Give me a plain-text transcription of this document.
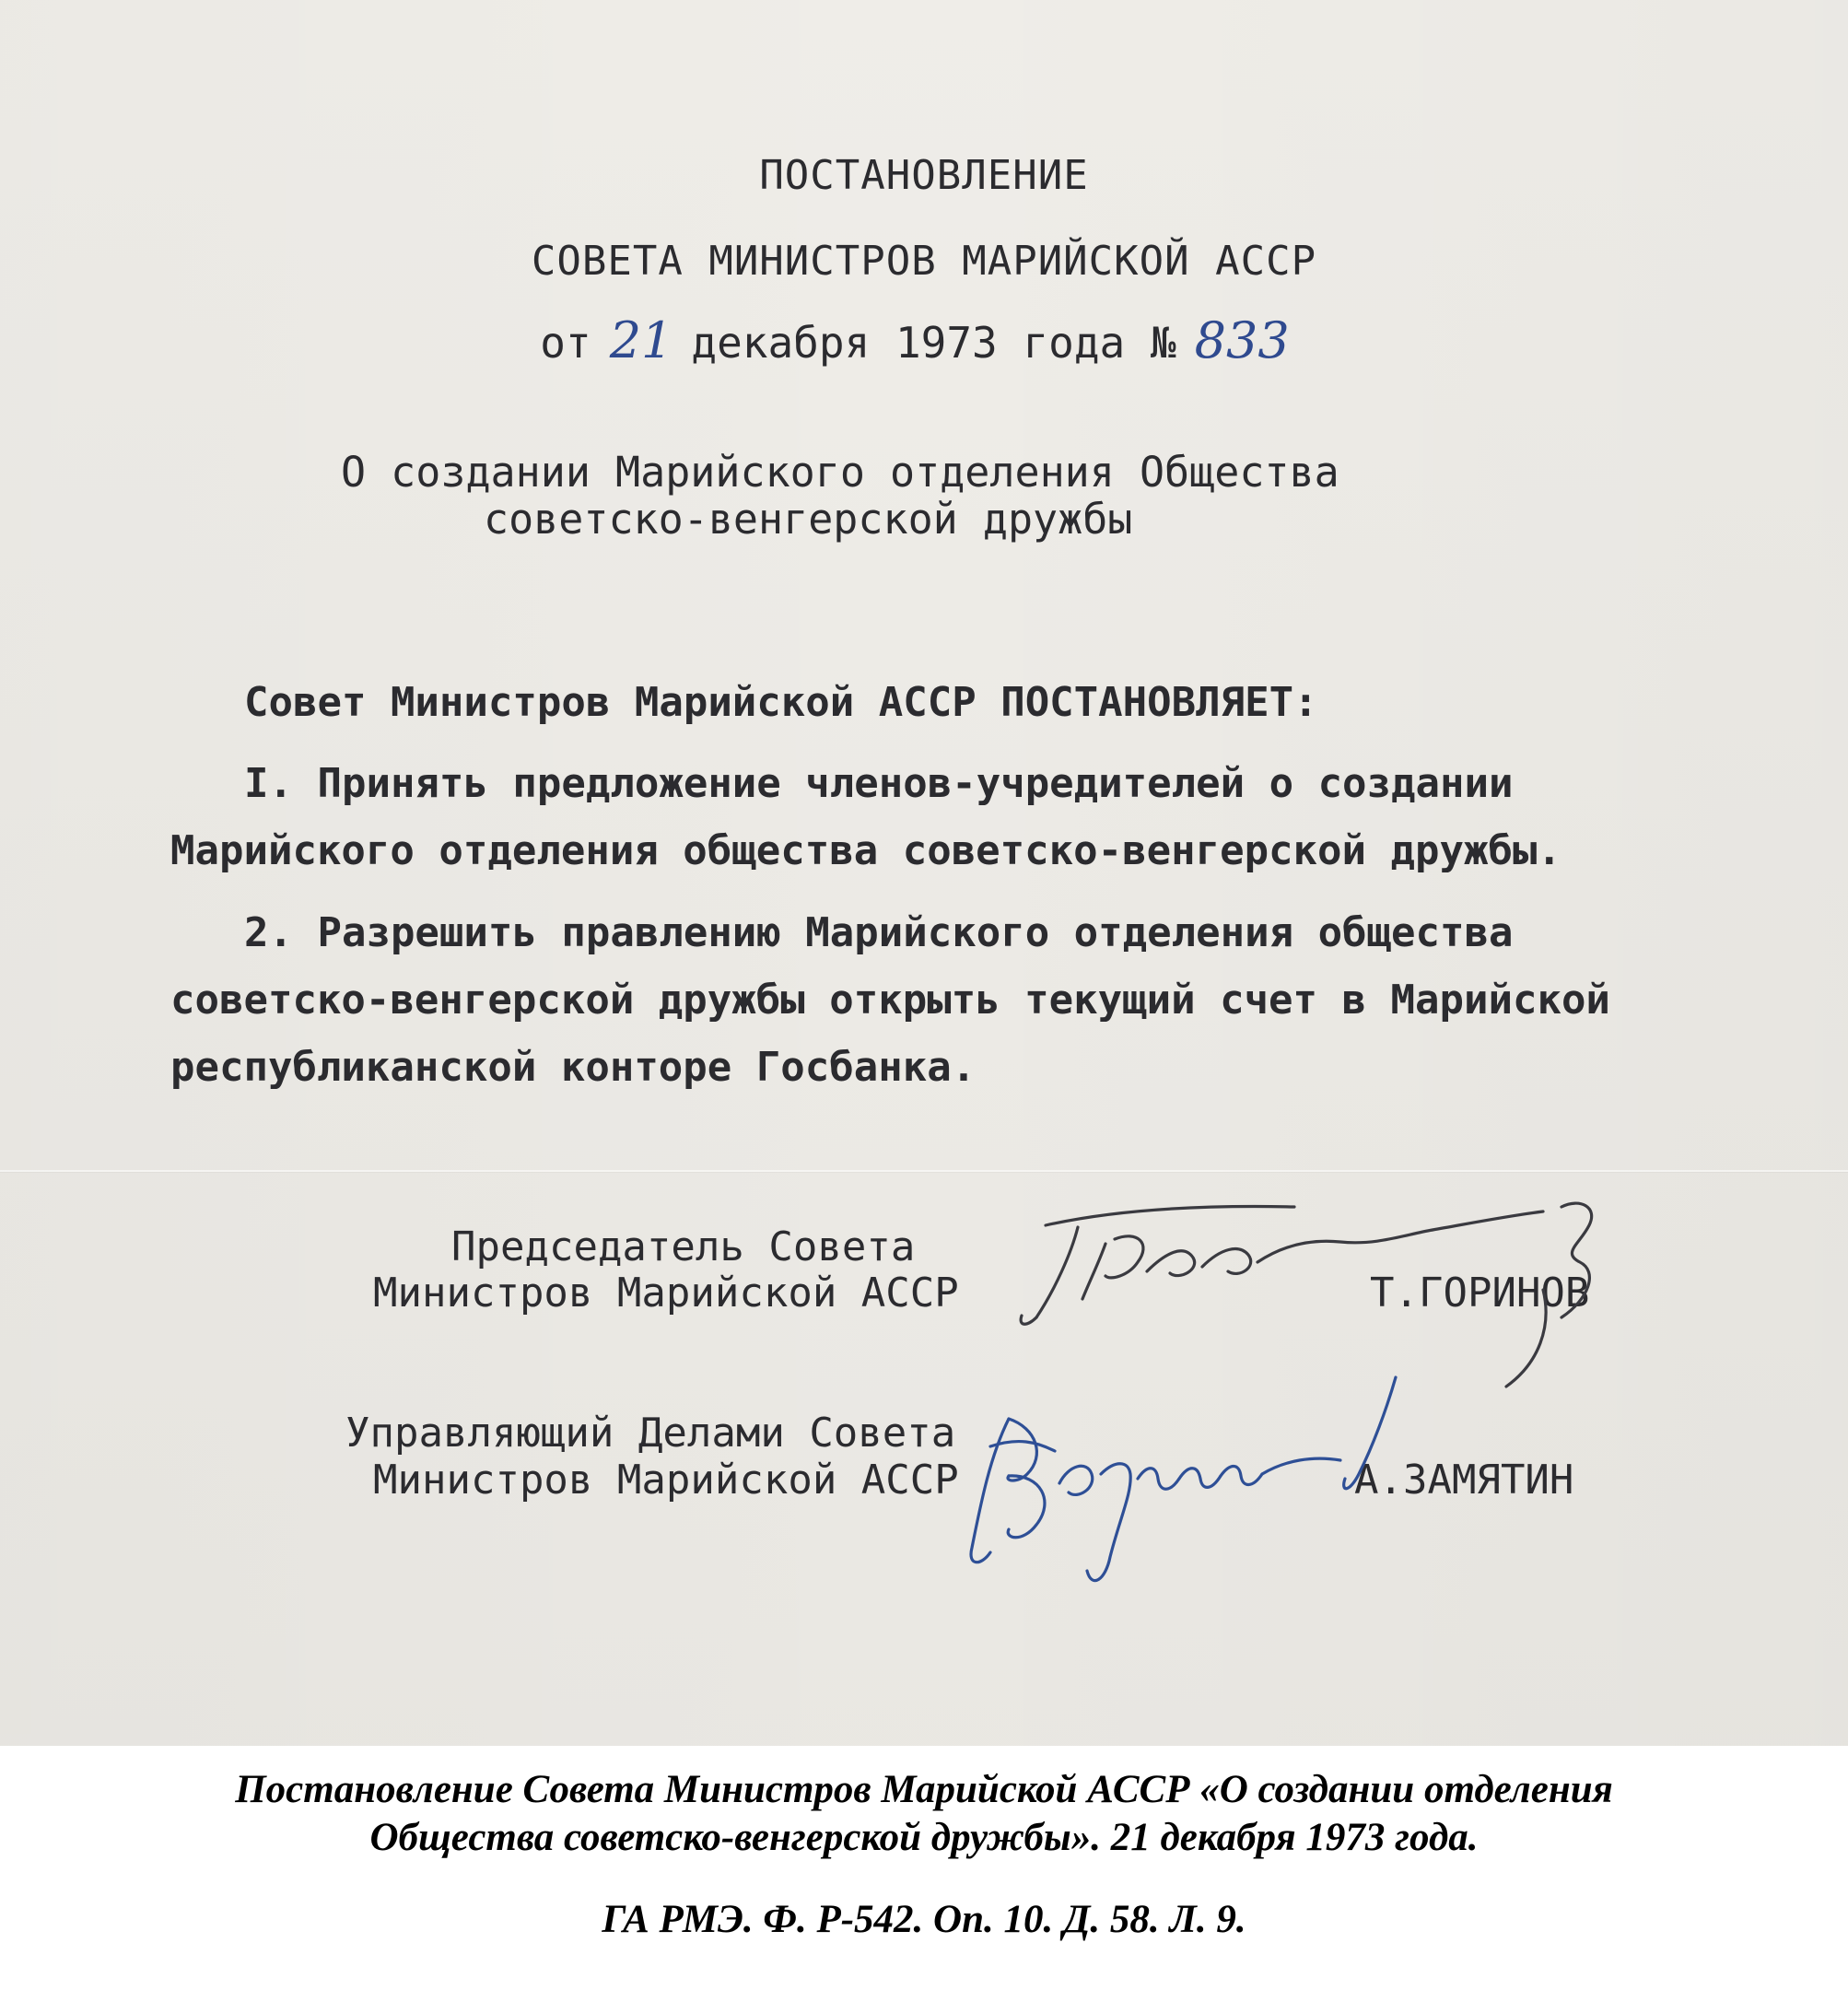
ПОСТАНОВЛЕНИЕ

СОВЕТА МИНИСТРОВ МАРИЙСКОЙ АССР

от 21 декабря 1973 года № 833

О создании Марийского отделения Общества

советско-венгерской дружбы

Совет Министров Марийской АССР ПОСТАНОВЛЯЕТ:

I. Принять предложение членов-учредителей о создании

Марийского отделения общества советско-венгерской дружбы.

2. Разрешить правлению Марийского отделения общества

советско-венгерской дружбы открыть текущий счет в Марийской

республиканской конторе Госбанка.

Председатель Совета

Министров Марийской АССР	Т.ГОРИНОВ

Управляющий Делами Совета

Министров Марийской АССР	А.ЗАМЯТИН

Постановление Совета Министров Марийской АССР «О создании отделения

Общества советско-венгерской дружбы». 21 декабря 1973 года.

ГА РМЭ. Ф. Р-542. Оп. 10. Д. 58. Л. 9.
